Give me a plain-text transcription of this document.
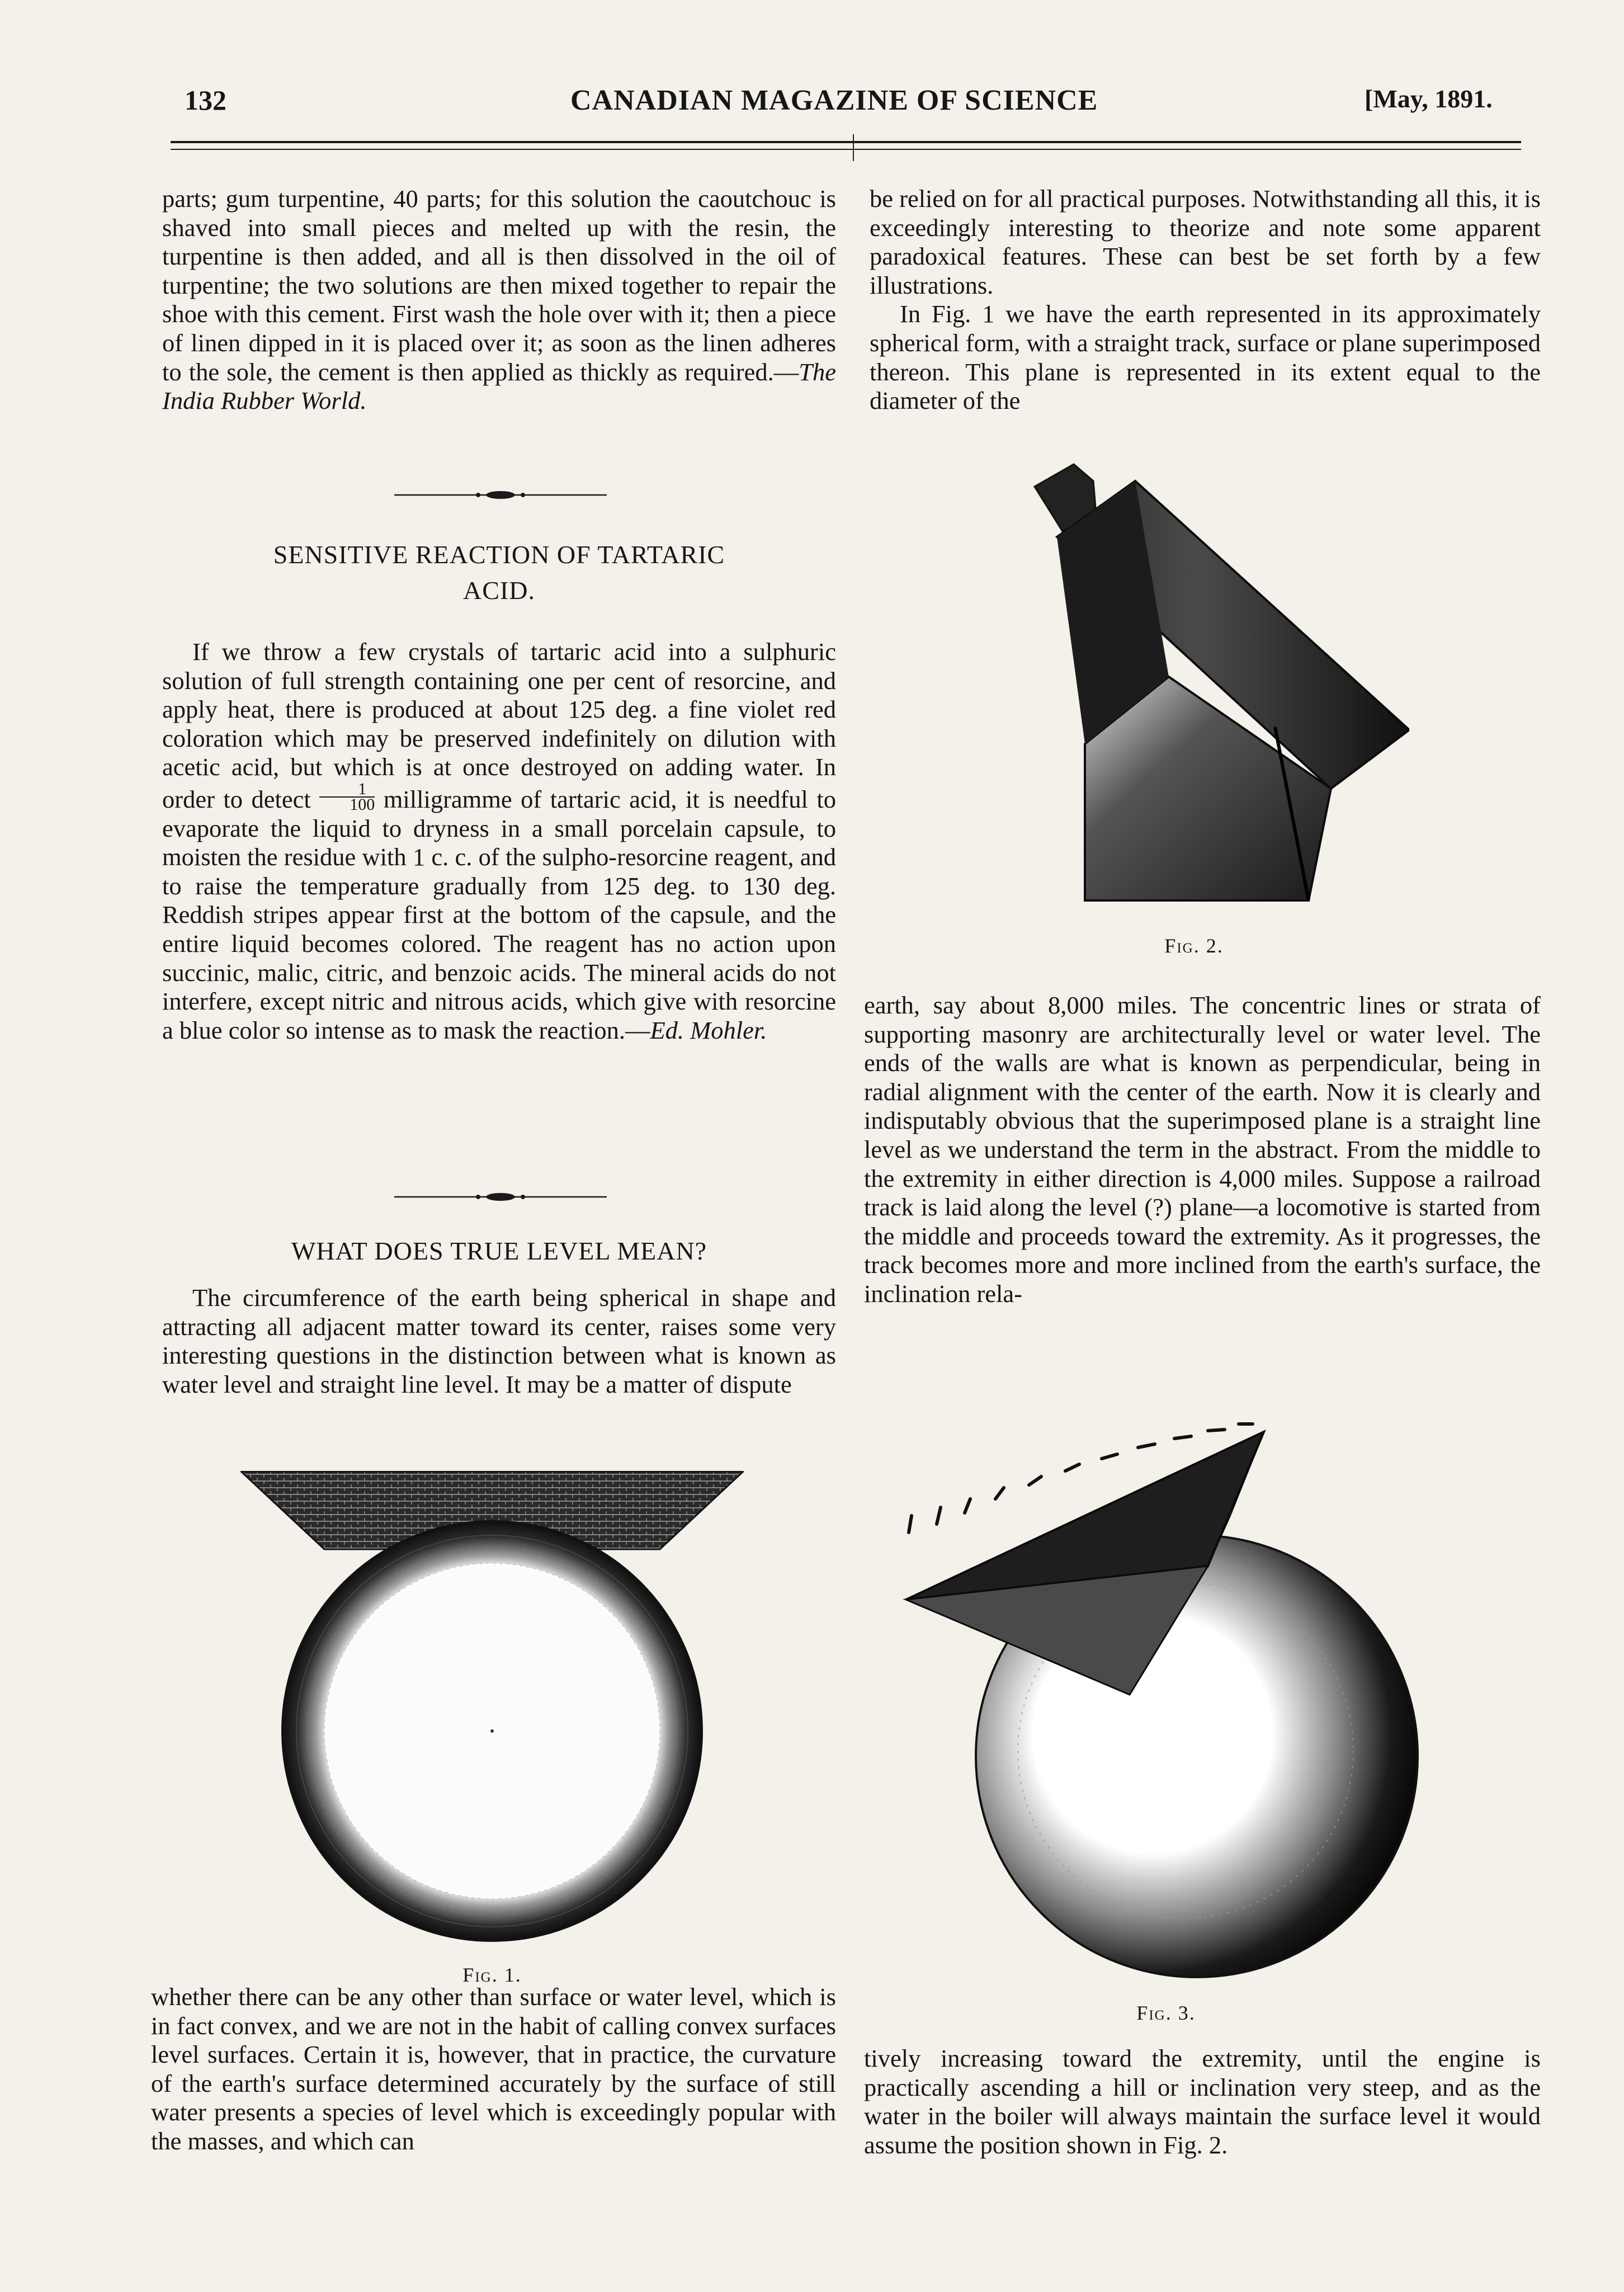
132	CANADIAN MAGAZINE OF SCIENCE	[May, 1891.

parts; gum turpentine, 40 parts; for this solution the caoutchouc is shaved into small pieces and melted up with the resin, the turpentine is then added, and all is then dissolved in the oil of turpentine; the two solutions are then mixed together to repair the shoe with this cement. First wash the hole over with it; then a piece of linen dipped in it is placed over it; as soon as the linen adheres to the sole, the cement is then applied as thickly as required.—The India Rubber World.

SENSITIVE REACTION OF TARTARIC
ACID.

If we throw a few crystals of tartaric acid into a sulphuric solution of full strength containing one per cent of resorcine, and apply heat, there is produced at about 125 deg. a fine violet red coloration which may be preserved indefinitely on dilution with acetic acid, but which is at once destroyed on adding water. In order to detect $\frac{1}{100}$ milligramme of tartaric acid, it is needful to evaporate the liquid to dryness in a small porcelain capsule, to moisten the residue with 1 c. c. of the sulpho-resorcine reagent, and to raise the temperature gradually from 125 deg. to 130 deg. Reddish stripes appear first at the bottom of the capsule, and the entire liquid becomes colored. The reagent has no action upon succinic, malic, citric, and benzoic acids. The mineral acids do not interfere, except nitric and nitrous acids, which give with resorcine a blue color so intense as to mask the reaction.—Ed. Mohler.

WHAT DOES TRUE LEVEL MEAN?

The circumference of the earth being spherical in shape and attracting all adjacent matter toward its center, raises some very interesting questions in the distinction between what is known as water level and straight line level. It may be a matter of dispute

Fig. 1.

whether there can be any other than surface or water level, which is in fact convex, and we are not in the habit of calling convex surfaces level surfaces. Certain it is, however, that in practice, the curvature of the earth's surface determined accurately by the surface of still water presents a species of level which is exceedingly popular with the masses, and which can

be relied on for all practical purposes. Notwithstanding all this, it is exceedingly interesting to theorize and note some apparent paradoxical features. These can best be set forth by a few illustrations.

In Fig. 1 we have the earth represented in its approximately spherical form, with a straight track, surface or plane superimposed thereon. This plane is represented in its extent equal to the diameter of the

Fig. 2.

earth, say about 8,000 miles. The concentric lines or strata of supporting masonry are architecturally level or water level. The ends of the walls are what is known as perpendicular, being in radial alignment with the center of the earth. Now it is clearly and indisputably obvious that the superimposed plane is a straight line level as we understand the term in the abstract. From the middle to the extremity in either direction is 4,000 miles. Suppose a railroad track is laid along the level (?) plane—a locomotive is started from the middle and proceeds toward the extremity. As it progresses, the track becomes more and more inclined from the earth's surface, the inclination rela-

Fig. 3.

tively increasing toward the extremity, until the engine is practically ascending a hill or inclination very steep, and as the water in the boiler will always maintain the surface level it would assume the position shown in Fig. 2.
